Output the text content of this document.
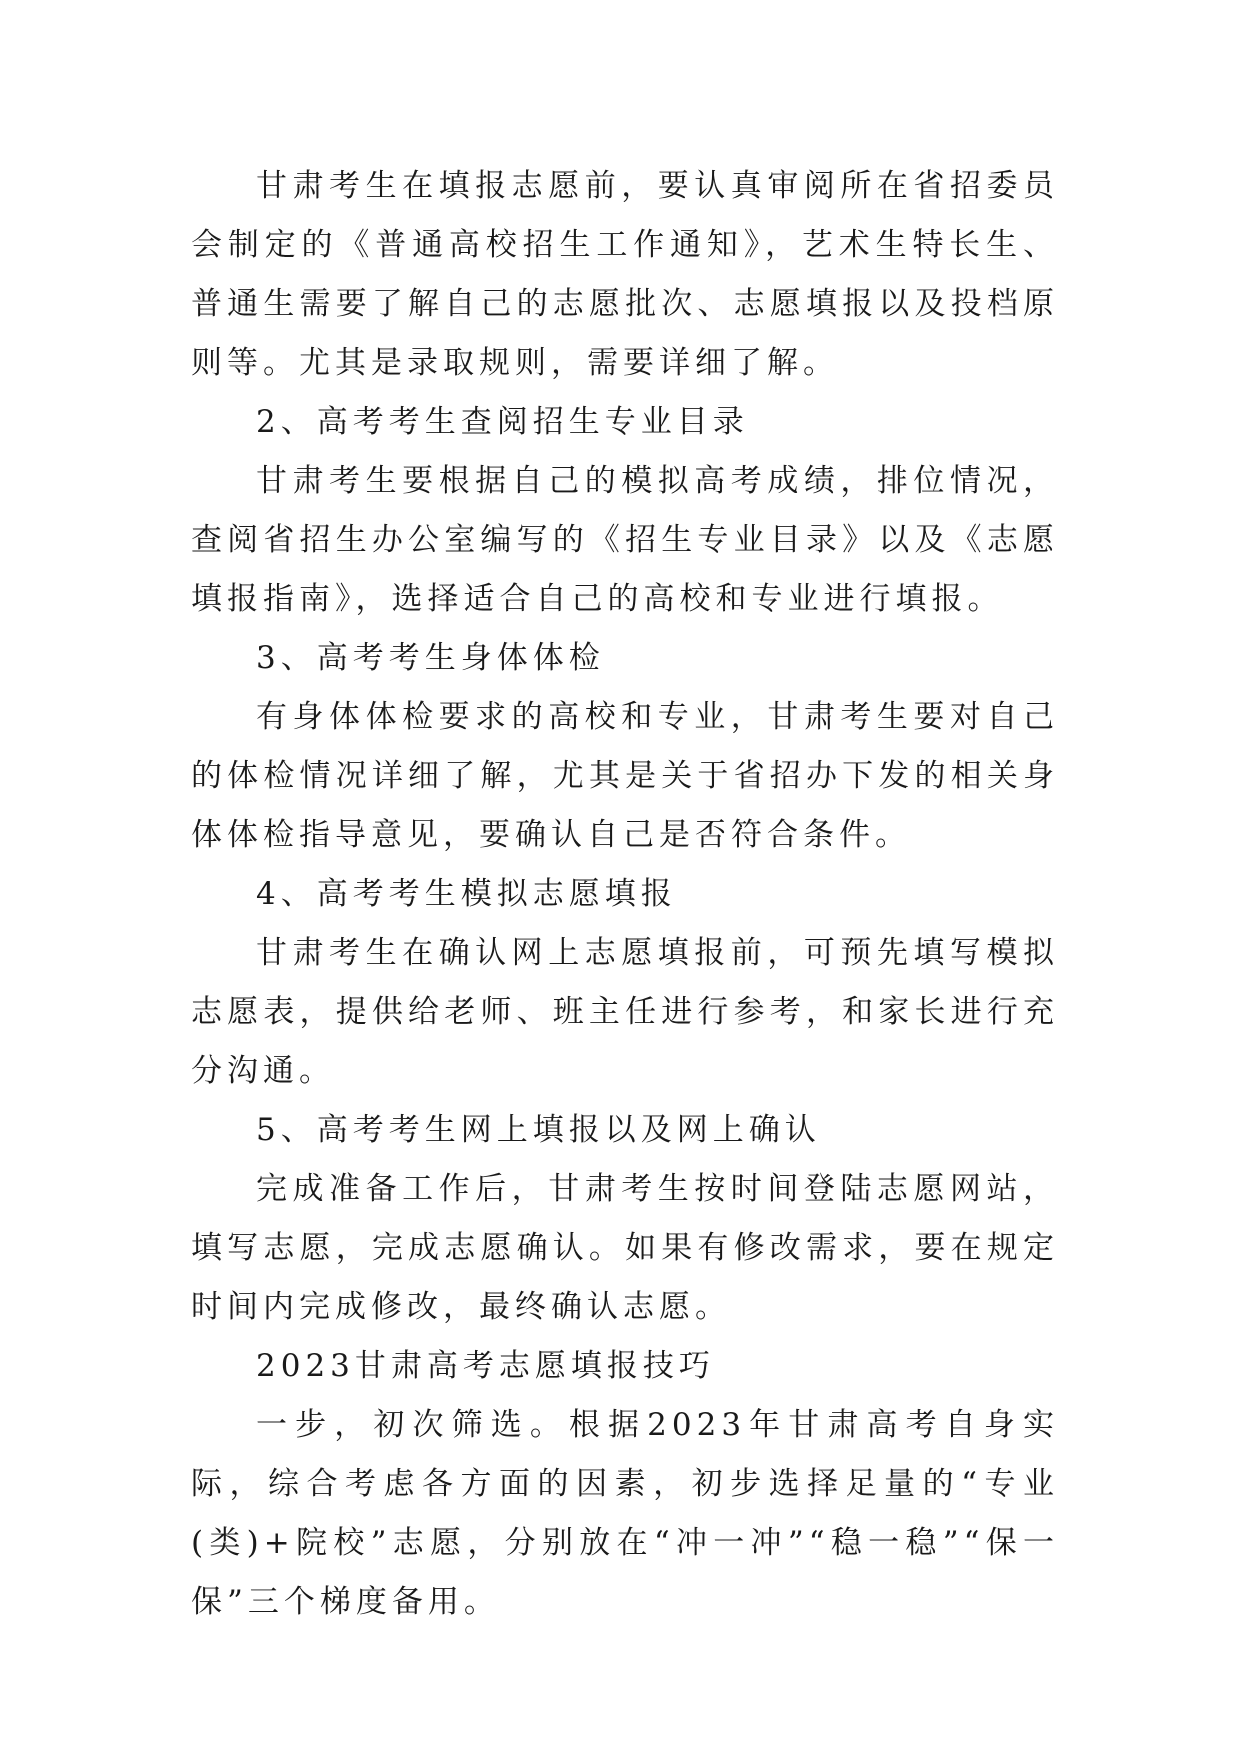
甘肃考生在填报志愿前，要认真审阅所在省招委员会制定的《普通高校招生工作通知》，艺术生特长生、普通生需要了解自己的志愿批次、志愿填报以及投档原则等。尤其是录取规则，需要详细了解。

2、高考考生查阅招生专业目录

甘肃考生要根据自己的模拟高考成绩，排位情况，查阅省招生办公室编写的《招生专业目录》以及《志愿填报指南》，选择适合自己的高校和专业进行填报。

3、高考考生身体体检

有身体体检要求的高校和专业，甘肃考生要对自己的体检情况详细了解，尤其是关于省招办下发的相关身体体检指导意见，要确认自己是否符合条件。

4、高考考生模拟志愿填报

甘肃考生在确认网上志愿填报前，可预先填写模拟志愿表，提供给老师、班主任进行参考，和家长进行充分沟通。

5、高考考生网上填报以及网上确认

完成准备工作后，甘肃考生按时间登陆志愿网站，填写志愿，完成志愿确认。如果有修改需求，要在规定时间内完成修改，最终确认志愿。

2023甘肃高考志愿填报技巧

一步，初次筛选。根据2023年甘肃高考自身实际，综合考虑各方面的因素，初步选择足量的“专业(类)+院校”志愿，分别放在“冲一冲”“稳一稳”“保一保”三个梯度备用。
